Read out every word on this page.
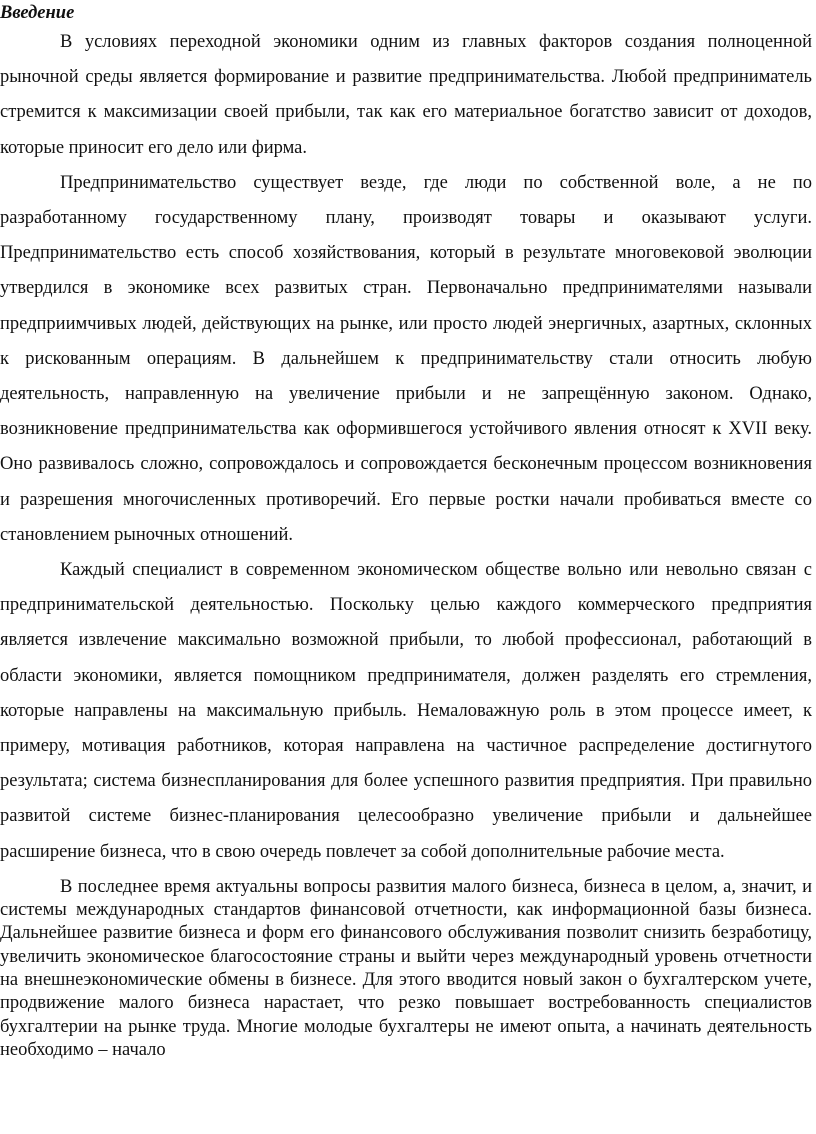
Введение

В условиях переходной экономики одним из главных факторов создания полноценной рыночной среды является формирование и развитие предпринимательства. Любой предприниматель стремится к максимизации своей прибыли, так как его материальное богатство зависит от доходов, которые приносит его дело или фирма.

Предпринимательство существует везде, где люди по собственной воле, а не по разработанному государственному плану, производят товары и оказывают услуги. Предпринимательство есть способ хозяйствования, который в результате многовековой эволюции утвердился в экономике всех развитых стран. Первоначально предпринимателями называли предприимчивых людей, действующих на рынке, или просто людей энергичных, азартных, склонных к рискованным операциям. В дальнейшем к предпринимательству стали относить любую деятельность, направленную на увеличение прибыли и не запрещённую законом. Однако, возникновение предпринимательства как оформившегося устойчивого явления относят к XVII веку. Оно развивалось сложно, сопровождалось и сопровождается бесконечным процессом возникновения и разрешения многочисленных противоречий. Его первые ростки начали пробиваться вместе со становлением рыночных отношений.

Каждый специалист в современном экономическом обществе вольно или невольно связан с предпринимательской деятельностью. Поскольку целью каждого коммерческого предприятия является извлечение максимально возможной прибыли, то любой профессионал, работающий в области экономики, является помощником предпринимателя, должен разделять его стремления, которые направлены на максимальную прибыль. Немаловажную роль в этом процессе имеет, к примеру, мотивация работников, которая направлена на частичное распределение достигнутого результата; система бизнеспланирования для более успешного развития предприятия. При правильно развитой системе бизнес-планирования целесообразно увеличение прибыли и дальнейшее расширение бизнеса, что в свою очередь повлечет за собой дополнительные рабочие места.

В последнее время актуальны вопросы развития малого бизнеса, бизнеса в целом, а, значит, и системы международных стандартов финансовой отчетности, как информационной базы бизнеса. Дальнейшее развитие бизнеса и форм его финансового обслуживания позволит снизить безработицу, увеличить экономическое благосостояние страны и выйти через международный уровень отчетности на внешнеэкономические обмены в бизнесе. Для этого вводится новый закон о бухгалтерском учете, продвижение малого бизнеса нарастает, что резко повышает востребованность специалистов бухгалтерии на рынке труда. Многие молодые бухгалтеры не имеют опыта, а начинать деятельность необходимо – начало
